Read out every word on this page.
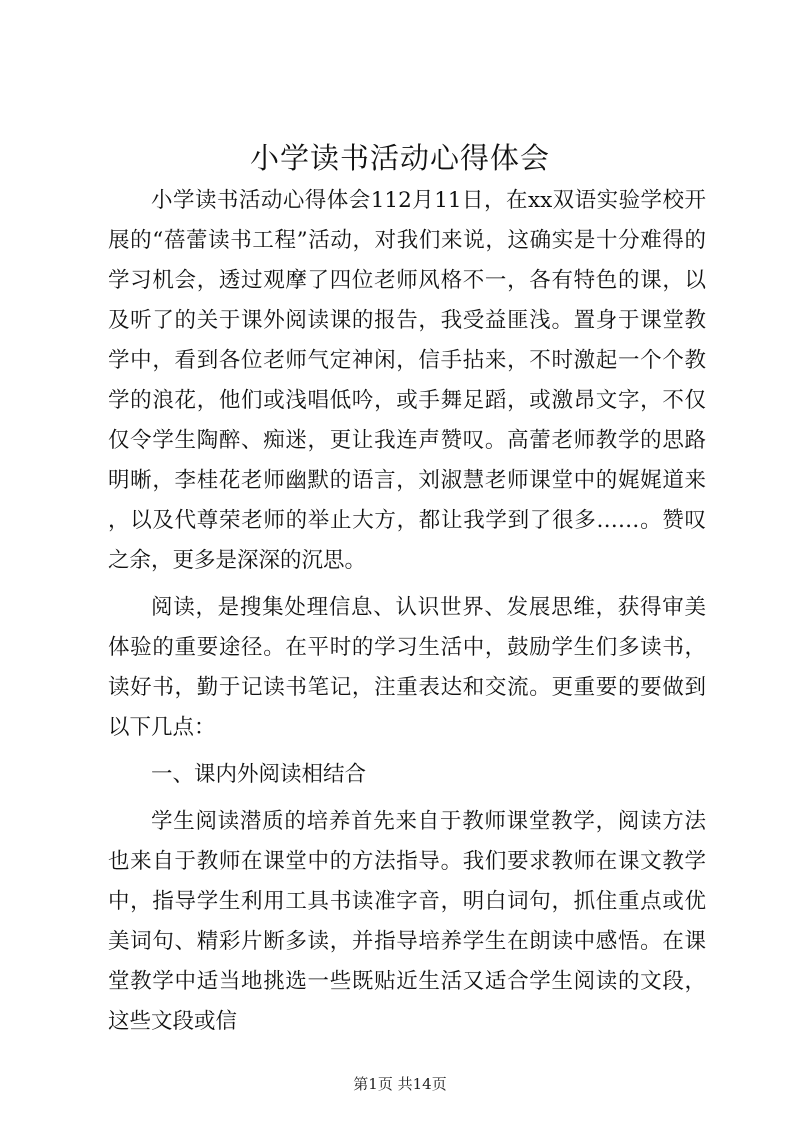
小学读书活动心得体会

小学读书活动心得体会112月11日，在xx双语实验学校开展的“蓓蕾读书工程”活动，对我们来说，这确实是十分难得的学习机会，透过观摩了四位老师风格不一，各有特色的课，以及听了的关于课外阅读课的报告，我受益匪浅。置身于课堂教学中，看到各位老师气定神闲，信手拈来，不时激起一个个教学的浪花，他们或浅唱低吟，或手舞足蹈，或激昂文字，不仅仅令学生陶醉、痴迷，更让我连声赞叹。高蕾老师教学的思路明晰，李桂花老师幽默的语言，刘淑慧老师课堂中的娓娓道来，以及代尊荣老师的举止大方，都让我学到了很多……。赞叹之余，更多是深深的沉思。

阅读，是搜集处理信息、认识世界、发展思维，获得审美体验的重要途径。在平时的学习生活中，鼓励学生们多读书，读好书，勤于记读书笔记，注重表达和交流。更重要的要做到以下几点：

一、课内外阅读相结合

学生阅读潜质的培养首先来自于教师课堂教学，阅读方法也来自于教师在课堂中的方法指导。我们要求教师在课文教学中，指导学生利用工具书读准字音，明白词句，抓住重点或优美词句、精彩片断多读，并指导培养学生在朗读中感悟。在课堂教学中适当地挑选一些既贴近生活又适合学生阅读的文段，这些文段或信

第1页 共14页
